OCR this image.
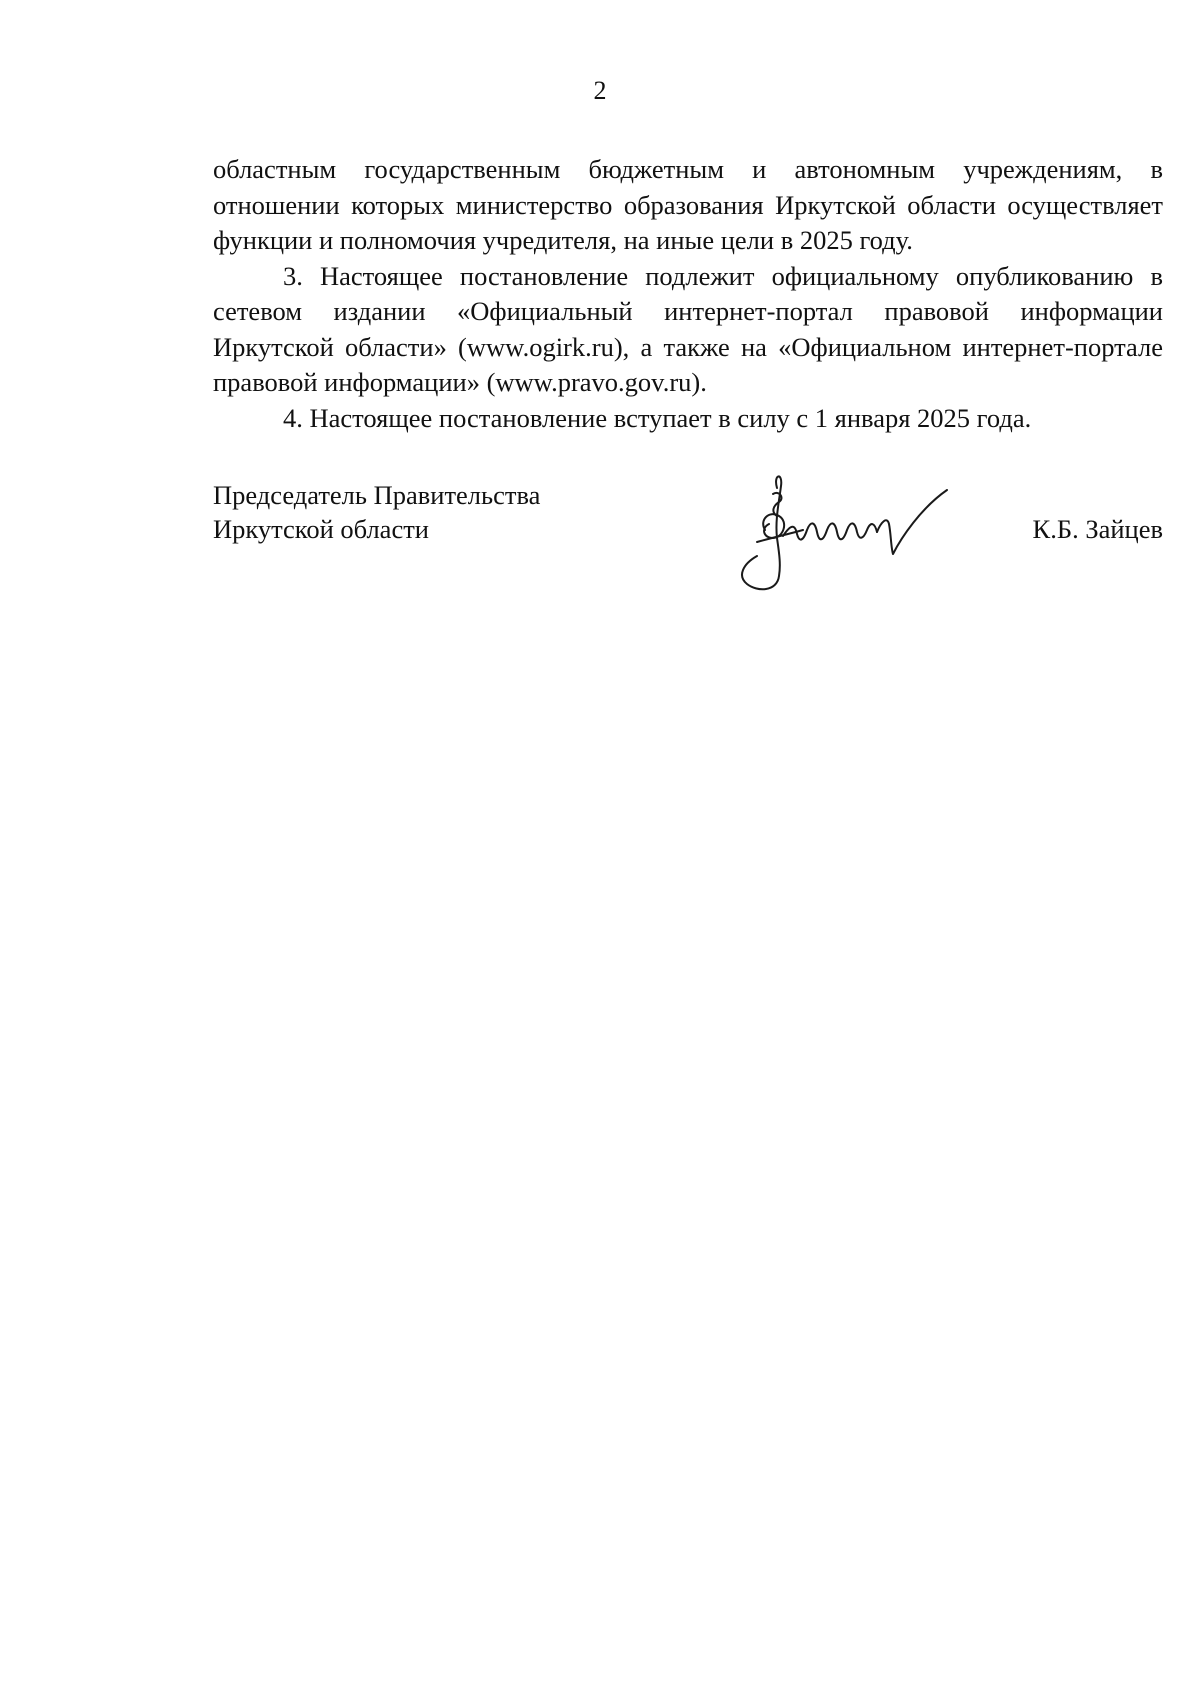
2

областным государственным бюджетным и автономным учреждениям, в отношении которых министерство образования Иркутской области осуществляет функции и полномочия учредителя, на иные цели в 2025 году.

3. Настоящее постановление подлежит официальному опубликованию в сетевом издании «Официальный интернет-портал правовой информации Иркутской области» (www.ogirk.ru), а также на «Официальном интернет-портале правовой информации» (www.pravo.gov.ru).

4. Настоящее постановление вступает в силу с 1 января 2025 года.

Председатель Правительства
Иркутской области	К.Б. Зайцев
